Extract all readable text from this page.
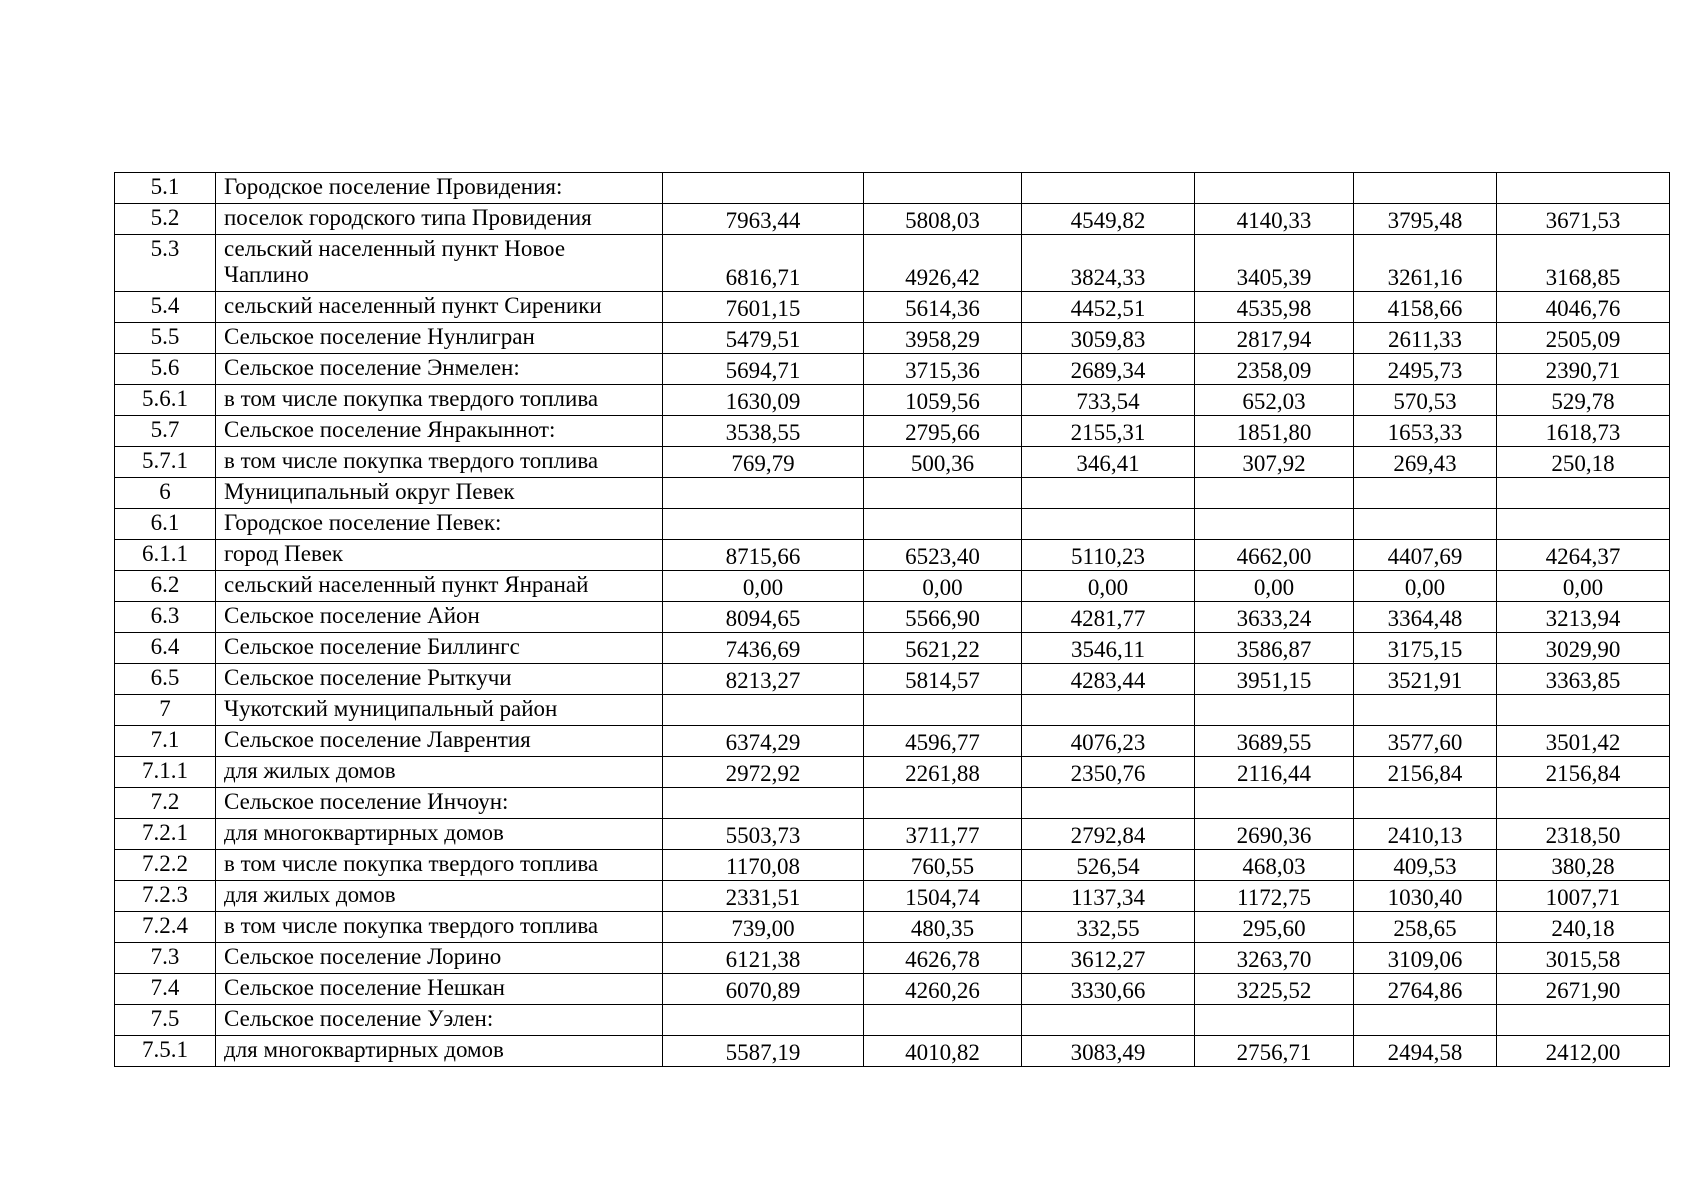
5.1	Городское поселение Провидения:						
5.2	поселок городского типа Провидения	7963,44	5808,03	4549,82	4140,33	3795,48	3671,53
5.3	сельский населенный пункт Новое Чаплино	6816,71	4926,42	3824,33	3405,39	3261,16	3168,85
5.4	сельский населенный пункт Сиреники	7601,15	5614,36	4452,51	4535,98	4158,66	4046,76
5.5	Сельское поселение Нунлигран	5479,51	3958,29	3059,83	2817,94	2611,33	2505,09
5.6	Сельское поселение Энмелен:	5694,71	3715,36	2689,34	2358,09	2495,73	2390,71
5.6.1	в том числе покупка твердого топлива	1630,09	1059,56	733,54	652,03	570,53	529,78
5.7	Сельское поселение Янракыннот:	3538,55	2795,66	2155,31	1851,80	1653,33	1618,73
5.7.1	в том числе покупка твердого топлива	769,79	500,36	346,41	307,92	269,43	250,18
6	Муниципальный округ Певек						
6.1	Городское поселение Певек:						
6.1.1	город Певек	8715,66	6523,40	5110,23	4662,00	4407,69	4264,37
6.2	сельский населенный пункт Янранай	0,00	0,00	0,00	0,00	0,00	0,00
6.3	Сельское поселение Айон	8094,65	5566,90	4281,77	3633,24	3364,48	3213,94
6.4	Сельское поселение Биллингс	7436,69	5621,22	3546,11	3586,87	3175,15	3029,90
6.5	Сельское поселение Рыткучи	8213,27	5814,57	4283,44	3951,15	3521,91	3363,85
7	Чукотский муниципальный район						
7.1	Сельское поселение Лаврентия	6374,29	4596,77	4076,23	3689,55	3577,60	3501,42
7.1.1	для жилых домов	2972,92	2261,88	2350,76	2116,44	2156,84	2156,84
7.2	Сельское поселение Инчоун:						
7.2.1	для многоквартирных домов	5503,73	3711,77	2792,84	2690,36	2410,13	2318,50
7.2.2	в том числе покупка твердого топлива	1170,08	760,55	526,54	468,03	409,53	380,28
7.2.3	для жилых домов	2331,51	1504,74	1137,34	1172,75	1030,40	1007,71
7.2.4	в том числе покупка твердого топлива	739,00	480,35	332,55	295,60	258,65	240,18
7.3	Сельское поселение Лорино	6121,38	4626,78	3612,27	3263,70	3109,06	3015,58
7.4	Сельское поселение Нешкан	6070,89	4260,26	3330,66	3225,52	2764,86	2671,90
7.5	Сельское поселение Уэлен:						
7.5.1	для многоквартирных домов	5587,19	4010,82	3083,49	2756,71	2494,58	2412,00
